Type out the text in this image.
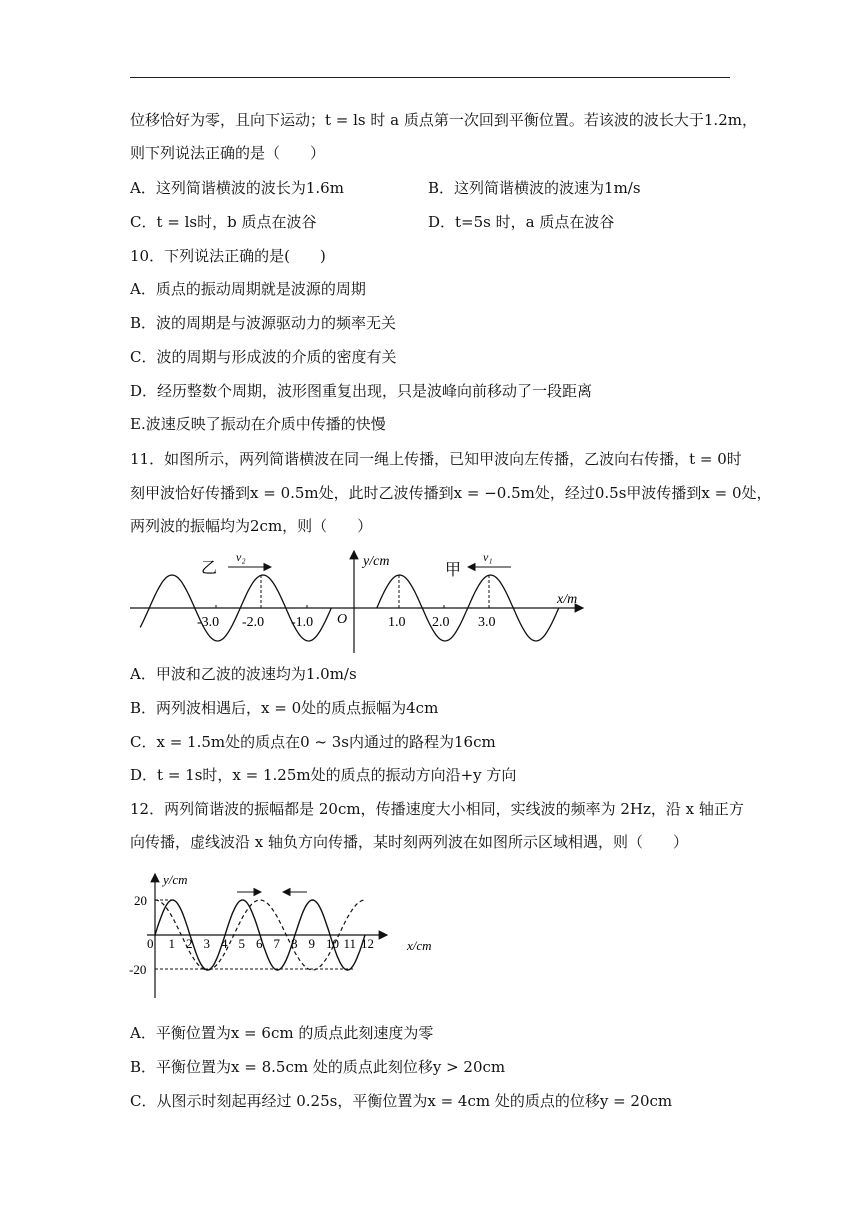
位移恰好为零，且向下运动；t = ls 时 a 质点第一次回到平衡位置。若该波的波长大于1.2m，
则下列说法正确的是（　　）
A．这列简谐横波的波长为1.6m	B．这列简谐横波的波速为1m/s
C．t = ls时，b 质点在波谷	D．t=5s 时，a 质点在波谷
10．下列说法正确的是(　　)
A．质点的振动周期就是波源的周期
B．波的周期是与波源驱动力的频率无关
C．波的周期与形成波的介质的密度有关
D．经历整数个周期，波形图重复出现，只是波峰向前移动了一段距离
E.波速反映了振动在介质中传播的快慢
11．如图所示，两列简谐横波在同一绳上传播，已知甲波向左传播，乙波向右传播，t = 0时
刻甲波恰好传播到x = 0.5m处，此时乙波传播到x = −0.5m处，经过0.5s甲波传播到x = 0处，
两列波的振幅均为2cm，则（　　）
-3.0 -2.0 -1.0 O	1.0 2.0 3.0
y/cm
x/m
乙
v₂
甲
v₁
A．甲波和乙波的波速均为1.0m/s
B．两列波相遇后，x = 0处的质点振幅为4cm
C．x = 1.5m处的质点在0 ~ 3s内通过的路程为16cm
D．t = 1s时，x = 1.25m处的质点的振动方向沿+y 方向
12．两列简谐波的振幅都是 20cm，传播速度大小相同，实线波的频率为 2Hz，沿 x 轴正方
向传播，虚线波沿 x 轴负方向传播，某时刻两列波在如图所示区域相遇，则（　　）
y/cm
x/cm
20
-20
0 1 2 3 4 5 6 7 8 9 10 11 12
A．平衡位置为x = 6cm 的质点此刻速度为零
B．平衡位置为x = 8.5cm 处的质点此刻位移y > 20cm
C．从图示时刻起再经过 0.25s，平衡位置为x = 4cm 处的质点的位移y = 20cm
